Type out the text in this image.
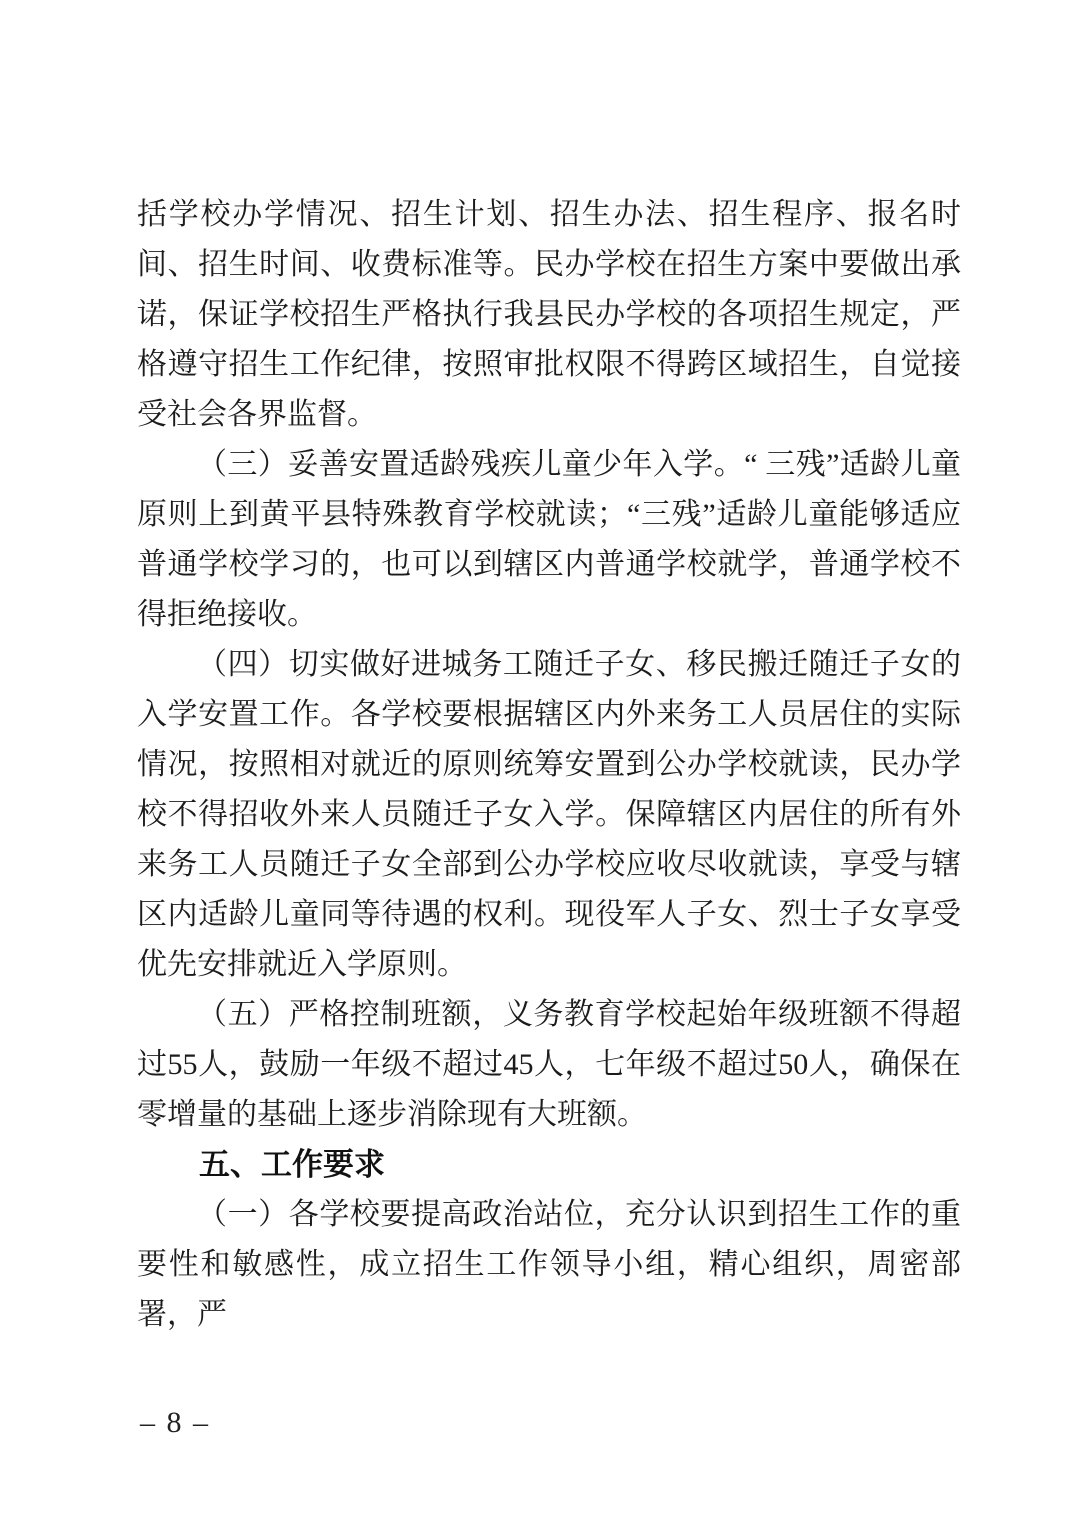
括学校办学情况、招生计划、招生办法、招生程序、报名时间、招生时间、收费标准等。民办学校在招生方案中要做出承诺，保证学校招生严格执行我县民办学校的各项招生规定，严格遵守招生工作纪律，按照审批权限不得跨区域招生，自觉接受社会各界监督。

（三）妥善安置适龄残疾儿童少年入学。“ 三残”适龄儿童原则上到黄平县特殊教育学校就读；“三残”适龄儿童能够适应普通学校学习的，也可以到辖区内普通学校就学，普通学校不得拒绝接收。

（四）切实做好进城务工随迁子女、移民搬迁随迁子女的入学安置工作。各学校要根据辖区内外来务工人员居住的实际情况，按照相对就近的原则统筹安置到公办学校就读，民办学校不得招收外来人员随迁子女入学。保障辖区内居住的所有外来务工人员随迁子女全部到公办学校应收尽收就读，享受与辖区内适龄儿童同等待遇的权利。现役军人子女、烈士子女享受优先安排就近入学原则。

（五）严格控制班额，义务教育学校起始年级班额不得超过55人，鼓励一年级不超过45人，七年级不超过50人，确保在零增量的基础上逐步消除现有大班额。

五、工作要求

（一）各学校要提高政治站位，充分认识到招生工作的重要性和敏感性，成立招生工作领导小组，精心组织，周密部署，严

– 8 –
